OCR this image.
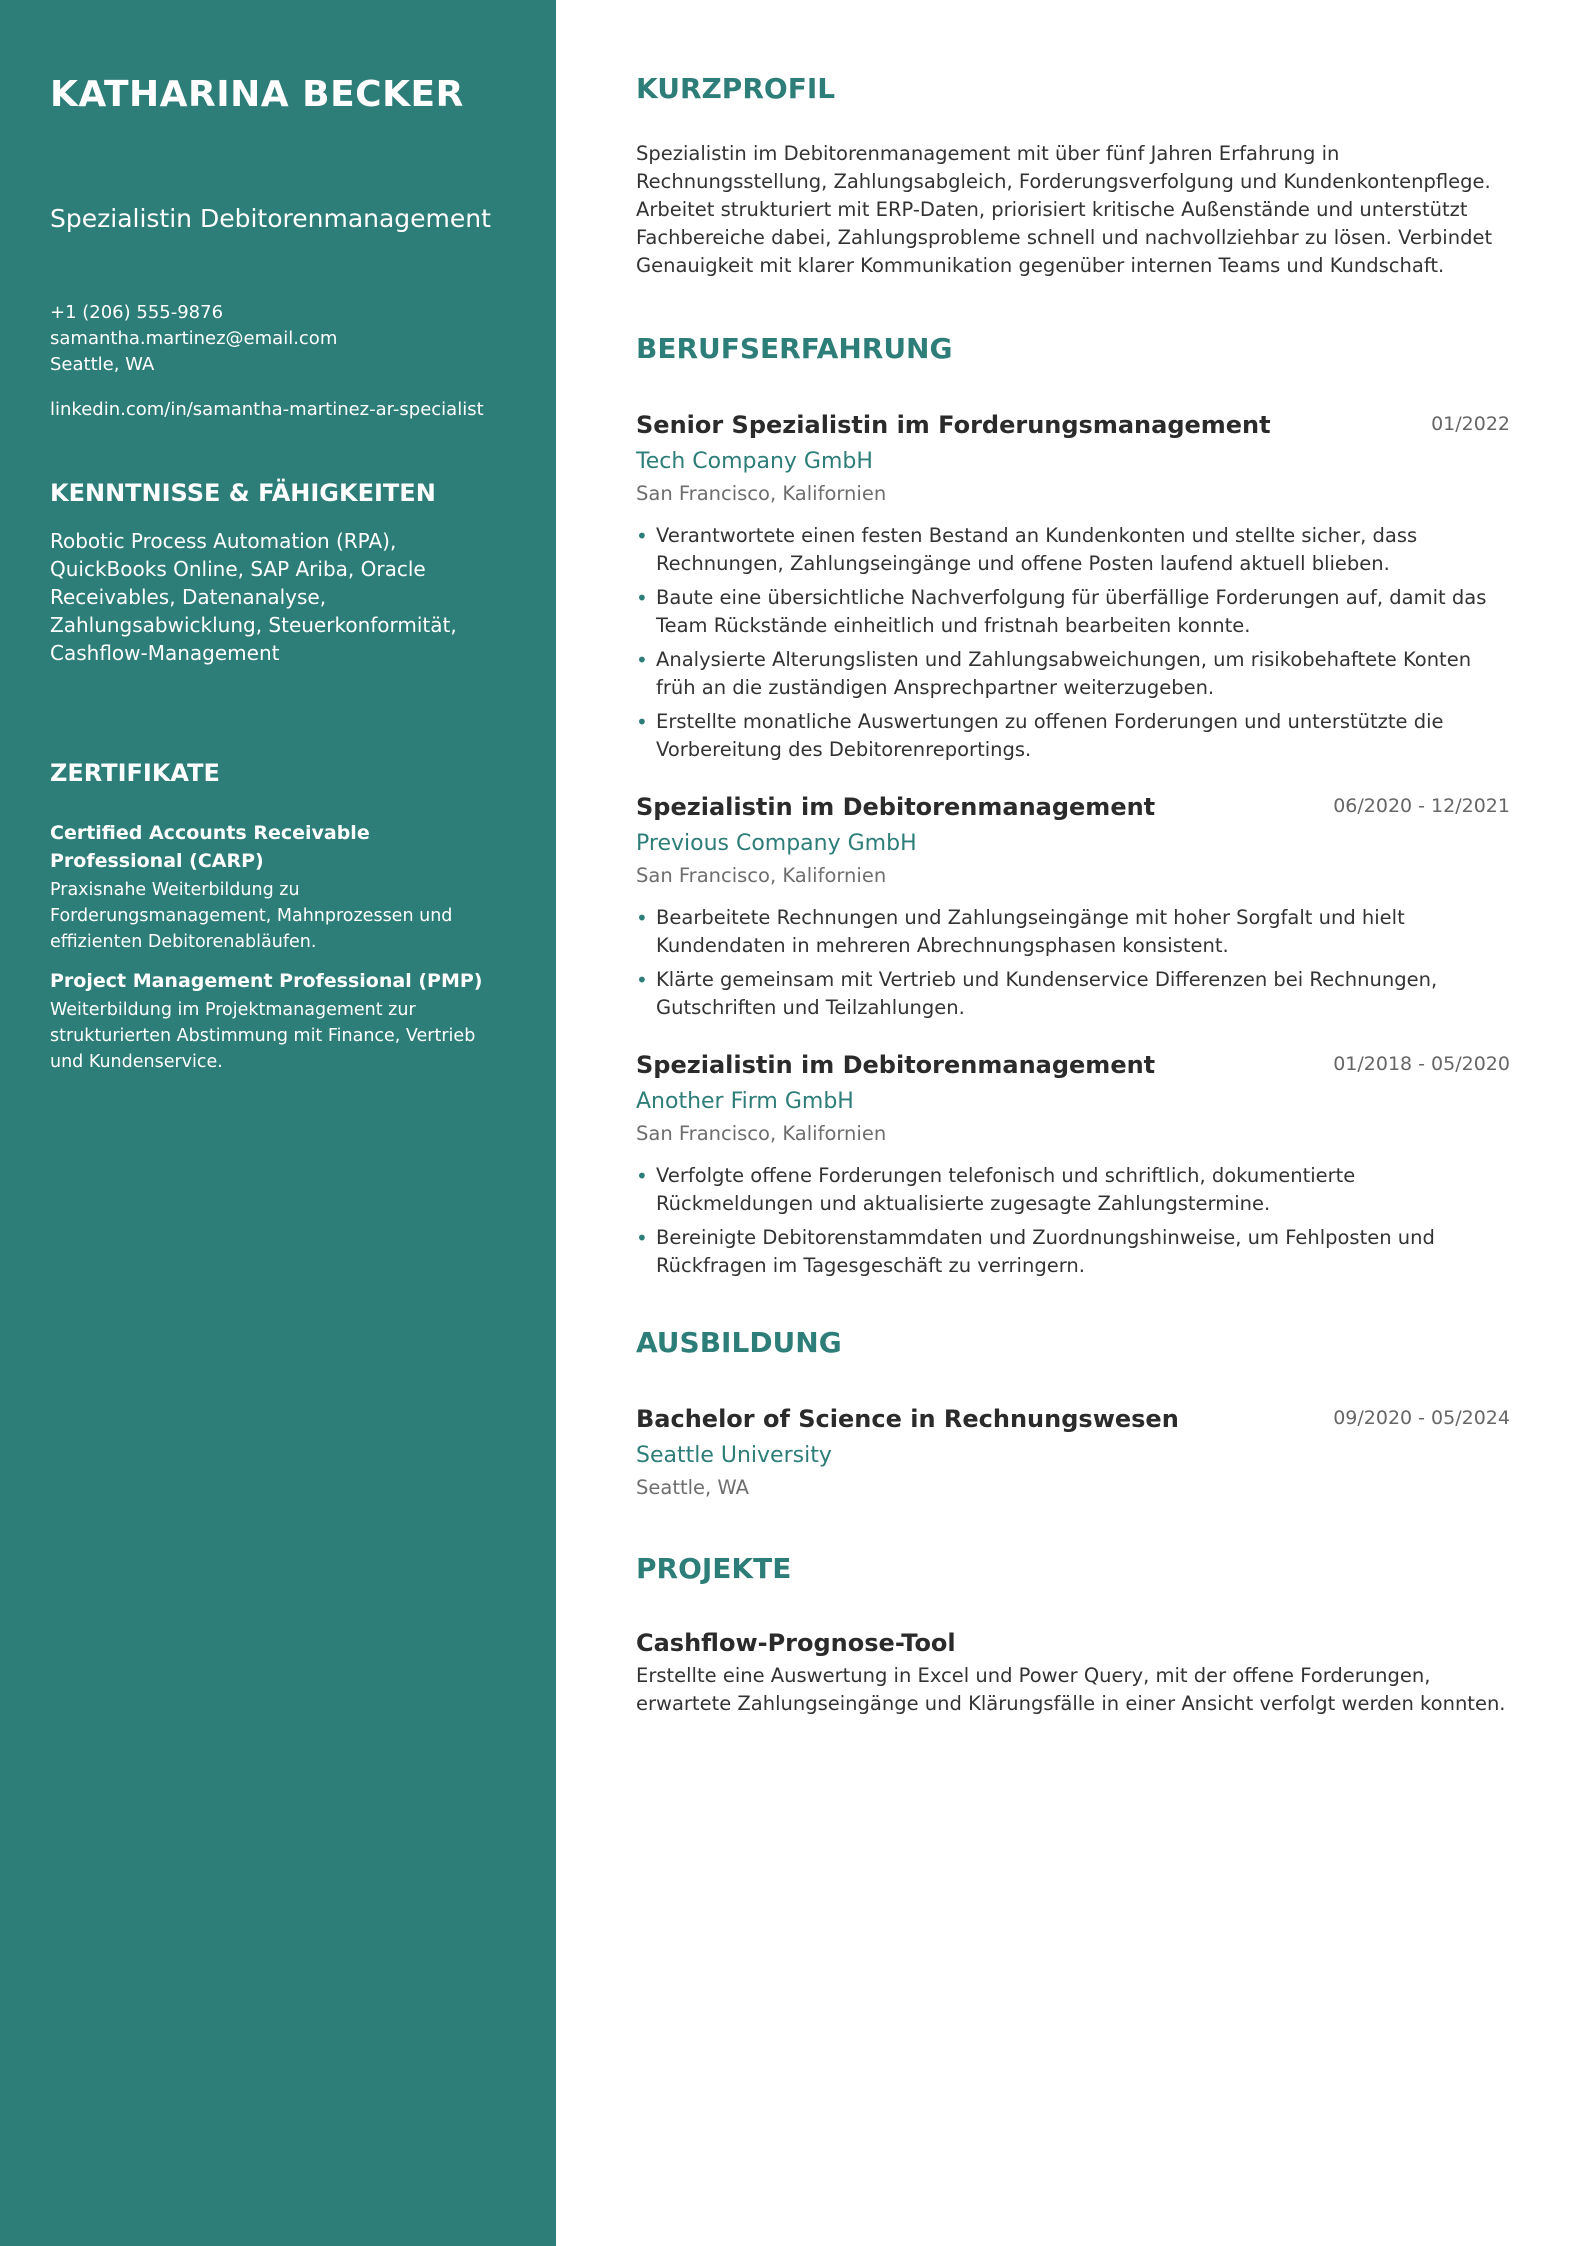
KATHARINA BECKER
Spezialistin Debitorenmanagement
+1 (206) 555-9876
samantha.martinez@email.com
Seattle, WA
linkedin.com/in/samantha-martinez-ar-specialist
KENNTNISSE & FÄHIGKEITEN
Robotic Process Automation (RPA), QuickBooks Online, SAP Ariba, Oracle Receivables, Datenanalyse, Zahlungsabwicklung, Steuerkonformität, Cashflow-Management
ZERTIFIKATE
Certified Accounts Receivable Professional (CARP)
Praxisnahe Weiterbildung zu Forderungsmanagement, Mahnprozessen und effizienten Debitorenabläufen.
Project Management Professional (PMP)
Weiterbildung im Projektmanagement zur strukturierten Abstimmung mit Finance, Vertrieb und Kundenservice.
KURZPROFIL

Spezialistin im Debitorenmanagement mit über fünf Jahren Erfahrung in Rechnungsstellung, Zahlungsabgleich, Forderungsverfolgung und Kundenkontenpflege. Arbeitet strukturiert mit ERP-Daten, priorisiert kritische Außenstände und unterstützt Fachbereiche dabei, Zahlungsprobleme schnell und nachvollziehbar zu lösen. Verbindet Genauigkeit mit klarer Kommunikation gegenüber internen Teams und Kundschaft.

BERUFSERFAHRUNG
Senior Spezialistin im Forderungsmanagement	01/2022
Tech Company GmbH
San Francisco, Kalifornien
• Verantwortete einen festen Bestand an Kundenkonten und stellte sicher, dass Rechnungen, Zahlungseingänge und offene Posten laufend aktuell blieben.
• Baute eine übersichtliche Nachverfolgung für überfällige Forderungen auf, damit das Team Rückstände einheitlich und fristnah bearbeiten konnte.
• Analysierte Alterungslisten und Zahlungsabweichungen, um risikobehaftete Konten früh an die zuständigen Ansprechpartner weiterzugeben.
• Erstellte monatliche Auswertungen zu offenen Forderungen und unterstützte die Vorbereitung des Debitorenreportings.
Spezialistin im Debitorenmanagement	06/2020 - 12/2021
Previous Company GmbH
San Francisco, Kalifornien
• Bearbeitete Rechnungen und Zahlungseingänge mit hoher Sorgfalt und hielt Kundendaten in mehreren Abrechnungsphasen konsistent.
• Klärte gemeinsam mit Vertrieb und Kundenservice Differenzen bei Rechnungen, Gutschriften und Teilzahlungen.
Spezialistin im Debitorenmanagement	01/2018 - 05/2020
Another Firm GmbH
San Francisco, Kalifornien
• Verfolgte offene Forderungen telefonisch und schriftlich, dokumentierte Rückmeldungen und aktualisierte zugesagte Zahlungstermine.
• Bereinigte Debitorenstammdaten und Zuordnungshinweise, um Fehlposten und Rückfragen im Tagesgeschäft zu verringern.
AUSBILDUNG
Bachelor of Science in Rechnungswesen	09/2020 - 05/2024
Seattle University
Seattle, WA
PROJEKTE
Cashflow-Prognose-Tool
Erstellte eine Auswertung in Excel und Power Query, mit der offene Forderungen, erwartete Zahlungseingänge und Klärungsfälle in einer Ansicht verfolgt werden konnten.
